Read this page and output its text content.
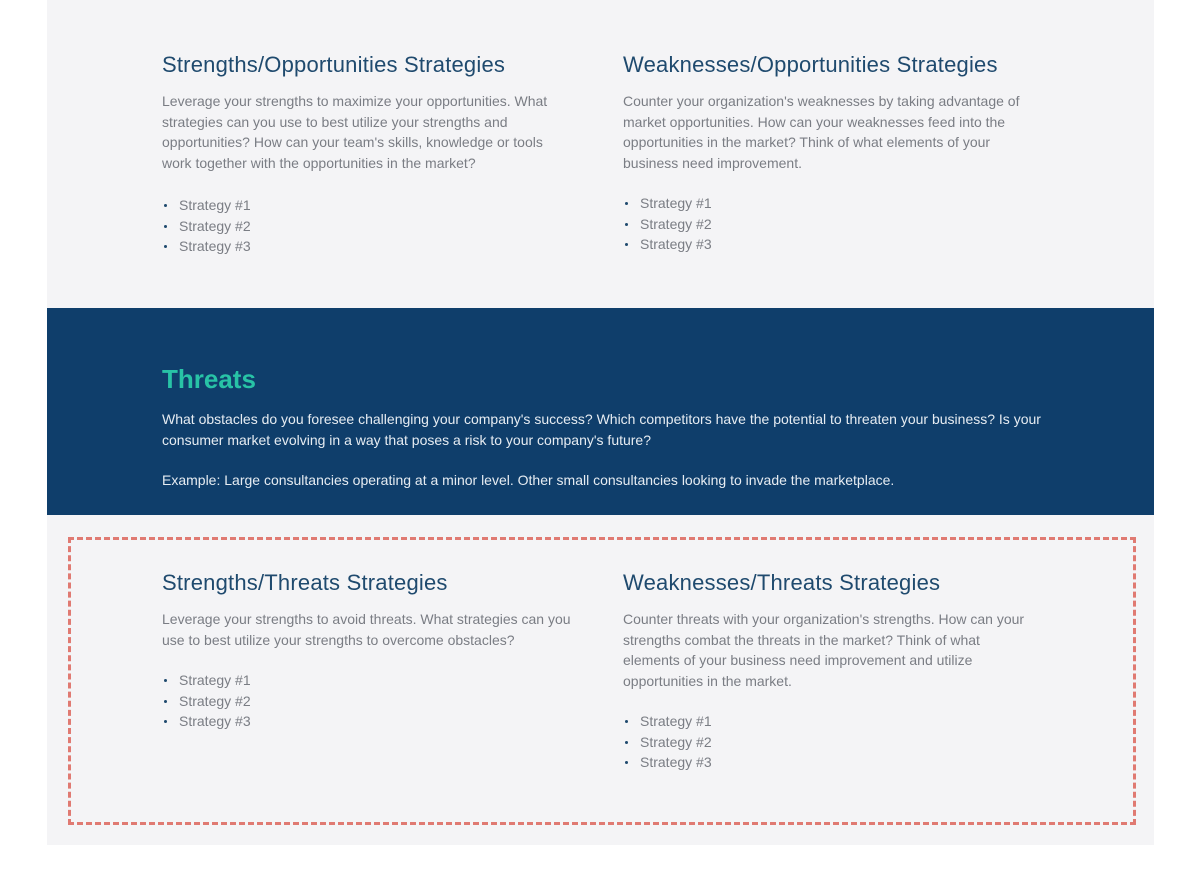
Strengths/Opportunities Strategies

Leverage your strengths to maximize your opportunities. What strategies can you use to best utilize your strengths and opportunities? How can your team's skills, knowledge or tools work together with the opportunities in the market?

Strategy #1
Strategy #2
Strategy #3
Weaknesses/Opportunities Strategies

Counter your organization's weaknesses by taking advantage of market opportunities. How can your weaknesses feed into the opportunities in the market? Think of what elements of your business need improvement.

Strategy #1
Strategy #2
Strategy #3
Threats

What obstacles do you foresee challenging your company's success? Which competitors have the potential to threaten your business? Is your consumer market evolving in a way that poses a risk to your company's future?

Example: Large consultancies operating at a minor level. Other small consultancies looking to invade the marketplace.

Strengths/Threats Strategies

Leverage your strengths to avoid threats. What strategies can you use to best utilize your strengths to overcome obstacles?

Strategy #1
Strategy #2
Strategy #3
Weaknesses/Threats Strategies

Counter threats with your organization's strengths. How can your strengths combat the threats in the market? Think of what elements of your business need improvement and utilize opportunities in the market.

Strategy #1
Strategy #2
Strategy #3
